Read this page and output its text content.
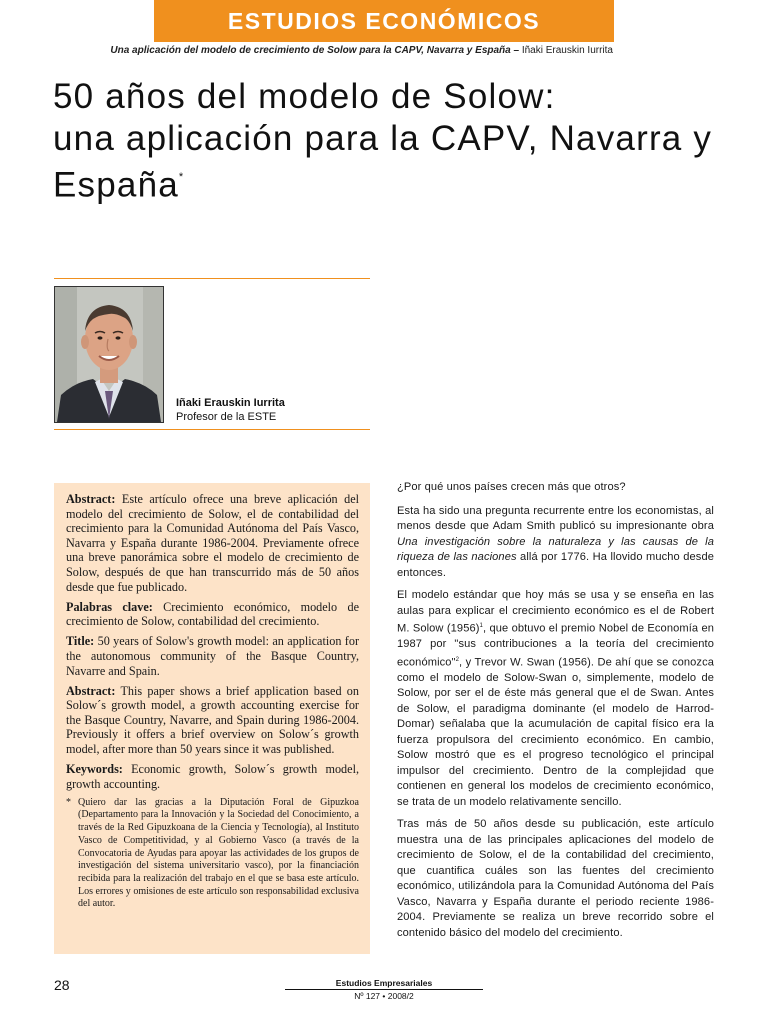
ESTUDIOS ECONÓMICOS
Una aplicación del modelo de crecimiento de Solow para la CAPV, Navarra y España – Iñaki Erauskin Iurrita
50 años del modelo de Solow:
una aplicación para la CAPV, Navarra y
España*
Iñaki Erauskin Iurrita
Profesor de la ESTE

Abstract: Este artículo ofrece una breve aplicación del modelo del crecimiento de Solow, el de contabilidad del crecimiento para la Comunidad Autónoma del País Vasco, Navarra y España durante 1986-2004. Previamente ofrece una breve panorámica sobre el modelo de crecimiento de Solow, después de que han transcurrido más de 50 años desde que fue publicado.

Palabras clave: Crecimiento económico, modelo de crecimiento de Solow, contabilidad del crecimiento.

Title: 50 years of Solow's growth model: an application for the autonomous community of the Basque Country, Navarre and Spain.

Abstract: This paper shows a brief application based on Solow´s growth model, a growth accounting exercise for the Basque Country, Navarre, and Spain during 1986-2004. Previously it offers a brief overview on Solow´s growth model, after more than 50 years since it was published.

Keywords: Economic growth, Solow´s growth model, growth accounting.

* Quiero dar las gracias a la Diputación Foral de Gipuzkoa (Departamento para la Innovación y la Sociedad del Conocimiento, a través de la Red Gipuzkoana de la Ciencia y Tecnología), al Instituto Vasco de Competitividad, y al Gobierno Vasco (a través de la Convocatoria de Ayudas para apoyar las actividades de los grupos de investigación del sistema universitario vasco), por la financiación recibida para la realización del trabajo en el que se basa este artículo. Los errores y omisiones de este artículo son responsabilidad exclusiva del autor.

¿Por qué unos países crecen más que otros?

Esta ha sido una pregunta recurrente entre los economistas, al menos desde que Adam Smith publicó su impresionante obra Una investigación sobre la naturaleza y las causas de la riqueza de las naciones allá por 1776. Ha llovido mucho desde entonces.

El modelo estándar que hoy más se usa y se enseña en las aulas para explicar el crecimiento económico es el de Robert M. Solow $(1956)^1$, que obtuvo el premio Nobel de Economía en 1987 por "sus contribuciones a la teoría del crecimiento económico"$^2$, y Trevor W. Swan (1956). De ahí que se conozca como el modelo de Solow-Swan o, simplemente, modelo de Solow, por ser el de éste más general que el de Swan. Antes de Solow, el paradigma dominante (el modelo de Harrod-Domar) señalaba que la acumulación de capital físico era la fuerza propulsora del crecimiento económico. En cambio, Solow mostró que es el progreso tecnológico el principal impulsor del crecimiento. Dentro de la complejidad que contienen en general los modelos de crecimiento económico, se trata de un modelo relativamente sencillo.

Tras más de 50 años desde su publicación, este artículo muestra una de las principales aplicaciones del modelo de crecimiento de Solow, el de la contabilidad del crecimiento, que cuantifica cuáles son las fuentes del crecimiento económico, utilizándola para la Comunidad Autónoma del País Vasco, Navarra y España durante el periodo reciente 1986-2004. Previamente se realiza un breve recorrido sobre el contenido básico del modelo del crecimiento.

28	Estudios Empresariales
Nº 127 • 2008/2
